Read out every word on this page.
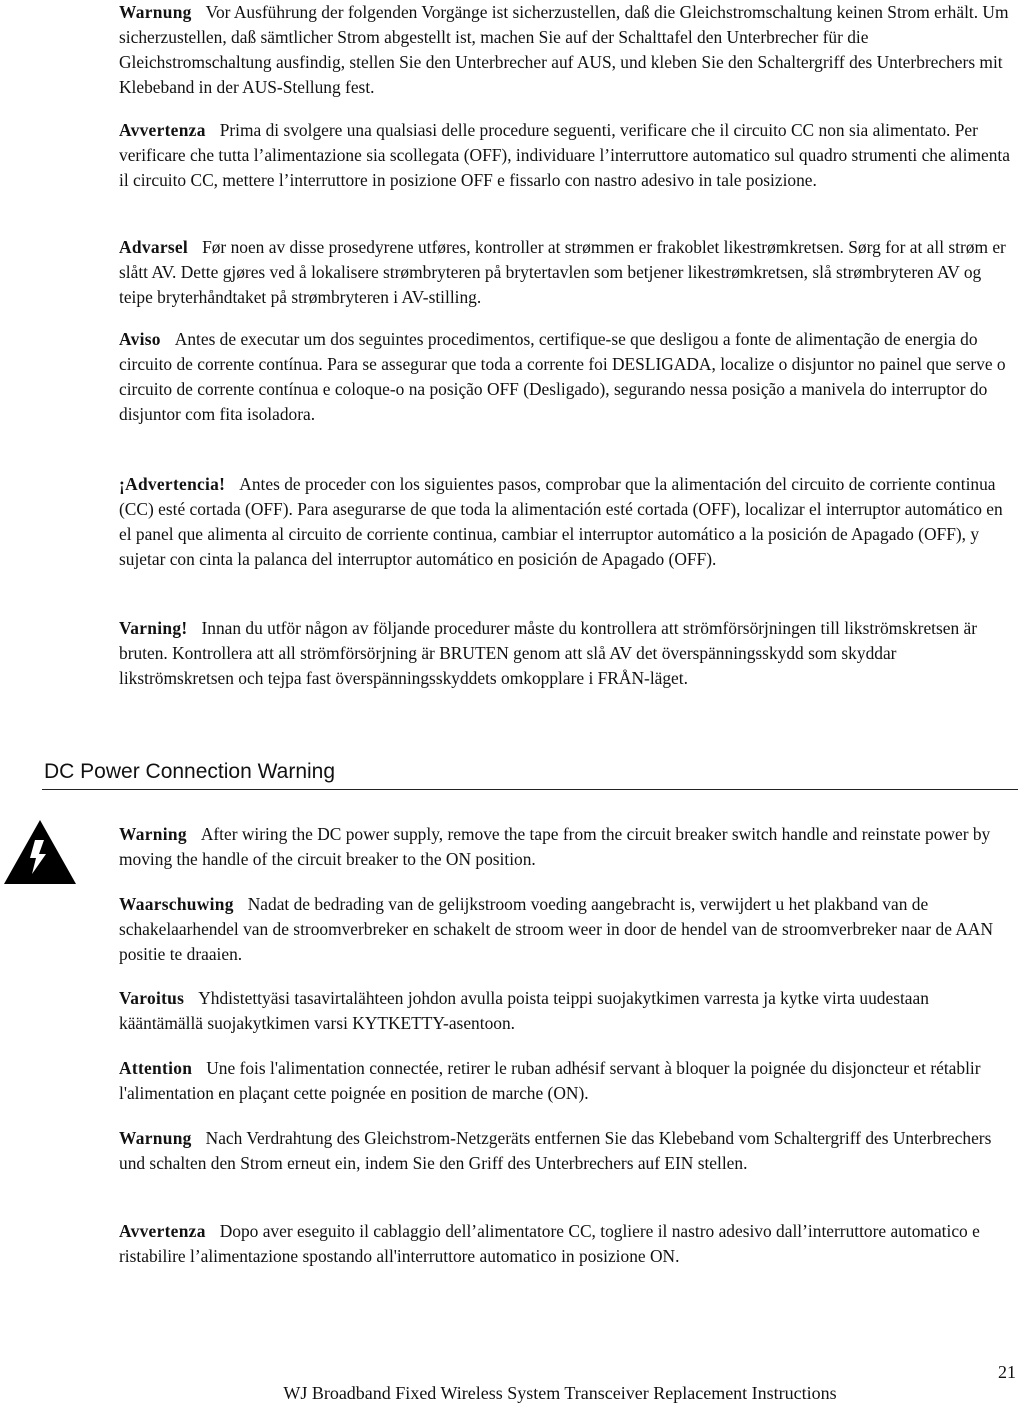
Warnung Vor Ausführung der folgenden Vorgänge ist sicherzustellen, daß die Gleichstromschaltung keinen Strom erhält. Um sicherzustellen, daß sämtlicher Strom abgestellt ist, machen Sie auf der Schalttafel den Unterbrecher für die Gleichstromschaltung ausfindig, stellen Sie den Unterbrecher auf AUS, und kleben Sie den Schaltergriff des Unterbrechers mit Klebeband in der AUS-Stellung fest.

Avvertenza Prima di svolgere una qualsiasi delle procedure seguenti, verificare che il circuito CC non sia alimentato. Per verificare che tutta l’alimentazione sia scollegata (OFF), individuare l’interruttore automatico sul quadro strumenti che alimenta il circuito CC, mettere l’interruttore in posizione OFF e fissarlo con nastro adesivo in tale posizione.

Advarsel Før noen av disse prosedyrene utføres, kontroller at strømmen er frakoblet likestrømkretsen. Sørg for at all strøm er slått AV. Dette gjøres ved å lokalisere strømbryteren på brytertavlen som betjener likestrømkretsen, slå strømbryteren AV og teipe bryterhåndtaket på strømbryteren i AV-stilling.

Aviso Antes de executar um dos seguintes procedimentos, certifique-se que desligou a fonte de alimentação de energia do circuito de corrente contínua. Para se assegurar que toda a corrente foi DESLIGADA, localize o disjuntor no painel que serve o circuito de corrente contínua e coloque-o na posição OFF (Desligado), segurando nessa posição a manivela do interruptor do disjuntor com fita isoladora.

¡Advertencia! Antes de proceder con los siguientes pasos, comprobar que la alimentación del circuito de corriente continua (CC) esté cortada (OFF). Para asegurarse de que toda la alimentación esté cortada (OFF), localizar el interruptor automático en el panel que alimenta al circuito de corriente continua, cambiar el interruptor automático a la posición de Apagado (OFF), y sujetar con cinta la palanca del interruptor automático en posición de Apagado (OFF).

Varning! Innan du utför någon av följande procedurer måste du kontrollera att strömförsörjningen till likströmskretsen är bruten. Kontrollera att all strömförsörjning är BRUTEN genom att slå AV det överspänningsskydd som skyddar likströmskretsen och tejpa fast överspänningsskyddets omkopplare i FRÅN-läget.

DC Power Connection Warning

Warning After wiring the DC power supply, remove the tape from the circuit breaker switch handle and reinstate power by moving the handle of the circuit breaker to the ON position.

Waarschuwing Nadat de bedrading van de gelijkstroom voeding aangebracht is, verwijdert u het plakband van de schakelaarhendel van de stroomverbreker en schakelt de stroom weer in door de hendel van de stroomverbreker naar de AAN positie te draaien.

Varoitus Yhdistettyäsi tasavirtalähteen johdon avulla poista teippi suojakytkimen varresta ja kytke virta uudestaan kääntämällä suojakytkimen varsi KYTKETTY-asentoon.

Attention Une fois l'alimentation connectée, retirer le ruban adhésif servant à bloquer la poignée du disjoncteur et rétablir l'alimentation en plaçant cette poignée en position de marche (ON).

Warnung Nach Verdrahtung des Gleichstrom-Netzgeräts entfernen Sie das Klebeband vom Schaltergriff des Unterbrechers und schalten den Strom erneut ein, indem Sie den Griff des Unterbrechers auf EIN stellen.

Avvertenza Dopo aver eseguito il cablaggio dell’alimentatore CC, togliere il nastro adesivo dall’interruttore automatico e ristabilire l’alimentazione spostando all'interruttore automatico in posizione ON.

21
WJ Broadband Fixed Wireless System Transceiver Replacement Instructions
